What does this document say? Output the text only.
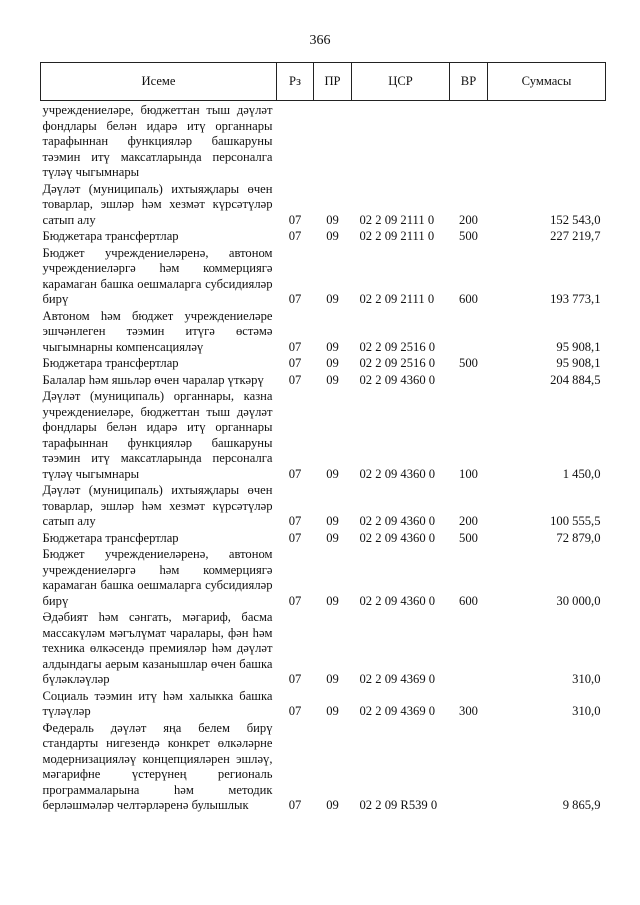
366
Исеме	Рз	ПР	ЦСР	ВР	Суммасы
учреждениеләре, бюджеттан тыш дәүләт фондлары белән идарә итү органнары тарафыннан функцияләр башкаруны тәэмин итү максатларында персоналга түләү чыгымнары					
Дәүләт (муниципаль) ихтыяҗлары өчен товарлар, эшләр һәм хезмәт күрсәтүләр сатып алу	07	09	02 2 09 2111 0	200	152 543,0
Бюджетара трансфертлар	07	09	02 2 09 2111 0	500	227 219,7
Бюджет учреждениеләренә, автоном учреждениеләргә һәм коммерциягә карамаган башка оешмаларга субсидияләр бирү	07	09	02 2 09 2111 0	600	193 773,1
Автоном һәм бюджет учреждениеләре эшчәнлеген тәэмин итүгә өстәмә чыгымнарны компенсацияләү	07	09	02 2 09 2516 0		95 908,1
Бюджетара трансфертлар	07	09	02 2 09 2516 0	500	95 908,1
Балалар һәм яшьләр өчен чаралар үткәрү	07	09	02 2 09 4360 0		204 884,5
Дәүләт (муниципаль) органнары, казна учреждениеләре, бюджеттан тыш дәүләт фондлары белән идарә итү органнары тарафыннан функцияләр башкаруны тәэмин итү максатларында персоналга түләү чыгымнары	07	09	02 2 09 4360 0	100	1 450,0
Дәүләт (муниципаль) ихтыяҗлары өчен товарлар, эшләр һәм хезмәт күрсәтүләр сатып алу	07	09	02 2 09 4360 0	200	100 555,5
Бюджетара трансфертлар	07	09	02 2 09 4360 0	500	72 879,0
Бюджет учреждениеләренә, автоном учреждениеләргә һәм коммерциягә карамаган башка оешмаларга субсидияләр бирү	07	09	02 2 09 4360 0	600	30 000,0
Әдәбият һәм сәнгать, мәгариф, басма массакүләм мәгълүмат чаралары, фән һәм техника өлкәсендә премияләр һәм дәүләт алдындагы аерым казанышлар өчен башка бүләкләүләр	07	09	02 2 09 4369 0		310,0
Социаль тәэмин итү һәм халыкка башка түләүләр	07	09	02 2 09 4369 0	300	310,0
Федераль дәүләт яңа белем бирү стандарты нигезендә конкрет өлкәләрне модернизацияләү концепцияләрен эшләү, мәгарифне үстерүнең региональ программаларына һәм методик берләшмәләр челтәрләренә булышлык	07	09	02 2 09 R539 0		9 865,9
